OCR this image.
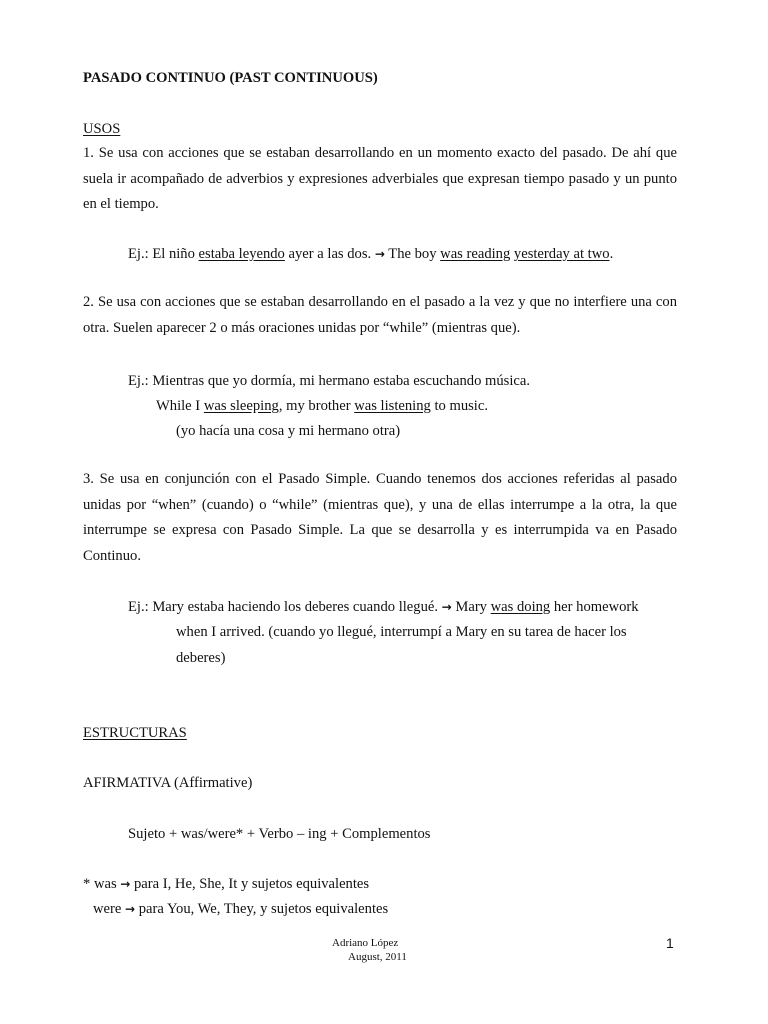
PASADO CONTINUO (PAST CONTINUOUS)
USOS
1. Se usa con acciones que se estaban desarrollando en un momento exacto del pasado. De ahí que suela ir acompañado de adverbios y expresiones adverbiales que expresan tiempo pasado y un punto en el tiempo.
Ej.: El niño estaba leyendo ayer a las dos. → The boy was reading yesterday at two.
2. Se usa con acciones que se estaban desarrollando en el pasado a la vez y que no interfiere una con otra. Suelen aparecer 2 o más oraciones unidas por “while” (mientras que).
Ej.: Mientras que yo dormía, mi hermano estaba escuchando música.
While I was sleeping, my brother was listening to music.
(yo hacía una cosa y mi hermano otra)
3. Se usa en conjunción con el Pasado Simple. Cuando tenemos dos acciones referidas al pasado unidas por “when” (cuando) o “while” (mientras que), y una de ellas interrumpe a la otra, la que interrumpe se expresa con Pasado Simple. La que se desarrolla y es interrumpida va en Pasado Continuo.
Ej.: Mary estaba haciendo los deberes cuando llegué. → Mary was doing her homework
when I arrived. (cuando yo llegué, interrumpí a Mary en su tarea de hacer los
deberes)
ESTRUCTURAS
AFIRMATIVA (Affirmative)
Sujeto + was/were* + Verbo – ing + Complementos
* was → para I, He, She, It y sujetos equivalentes
were → para You, We, They, y sujetos equivalentes
Adriano López
August, 2011
1
